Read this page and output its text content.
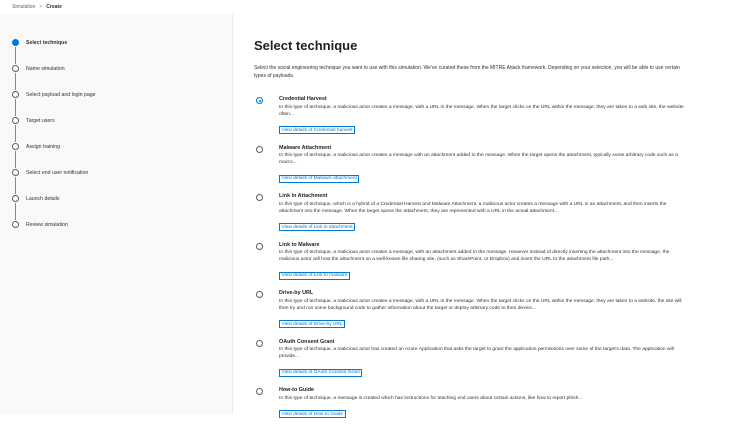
Simulation > Create
Select technique
Name simulation
Select payload and login page
Target users
Assign training
Select end user notification
Launch details
Review simulation
Select technique

Select the social engineering technique you want to use with this simulation. We've curated these from the MITRE Attack framework. Depending on your selection, you will be able to use certain types of payloads.

Credential Harvest
In this type of technique, a malicious actor creates a message, with a URL in the message. When the target clicks on the URL within the message, they are taken to a web site, the website often...
View details of Credential harvest
Malware Attachment
In this type of technique, a malicious actor creates a message with an attachment added to the message. When the target opens the attachment, typically some arbitrary code such as a macro...
View details of Malware attachment
Link in Attachment
In this type of technique, which is a hybrid of a Credential Harvest and Malware Attachment, a malicious actor creates a message with a URL in an attachment, and then inserts the attachment into the message. When the target opens the attachment, they are represented with a URL in the actual attachment...
View details of Link in attachment
Link to Malware
In this type of technique, a malicious actor creates a message, with an attachment added to the message. However instead of directly inserting the attachment into the message, the malicious actor will host the attachment on a well-known file sharing site, (such as SharePoint, or Dropbox) and insert the URL to the attachment file path...
View details of Link to malware
Drive-by URL
In this type of technique, a malicious actor creates a message, with a URL in the message. When the target clicks on the URL within the message, they are taken to a website, the site will then try and run some background code to gather information about the target or deploy arbitrary code to their device...
View details of Drive-by URL
OAuth Consent Grant
In this type of technique, a malicious actor has created an Azure Application that asks the target to grant the application permissions over some of the target's data. The application will provide...
View details of OAuth Consent Grant
How-to Guide
In this type of technique, a message is created which has instructions for teaching end users about certain actions, like how to report phish...
View details of How-to Guide
